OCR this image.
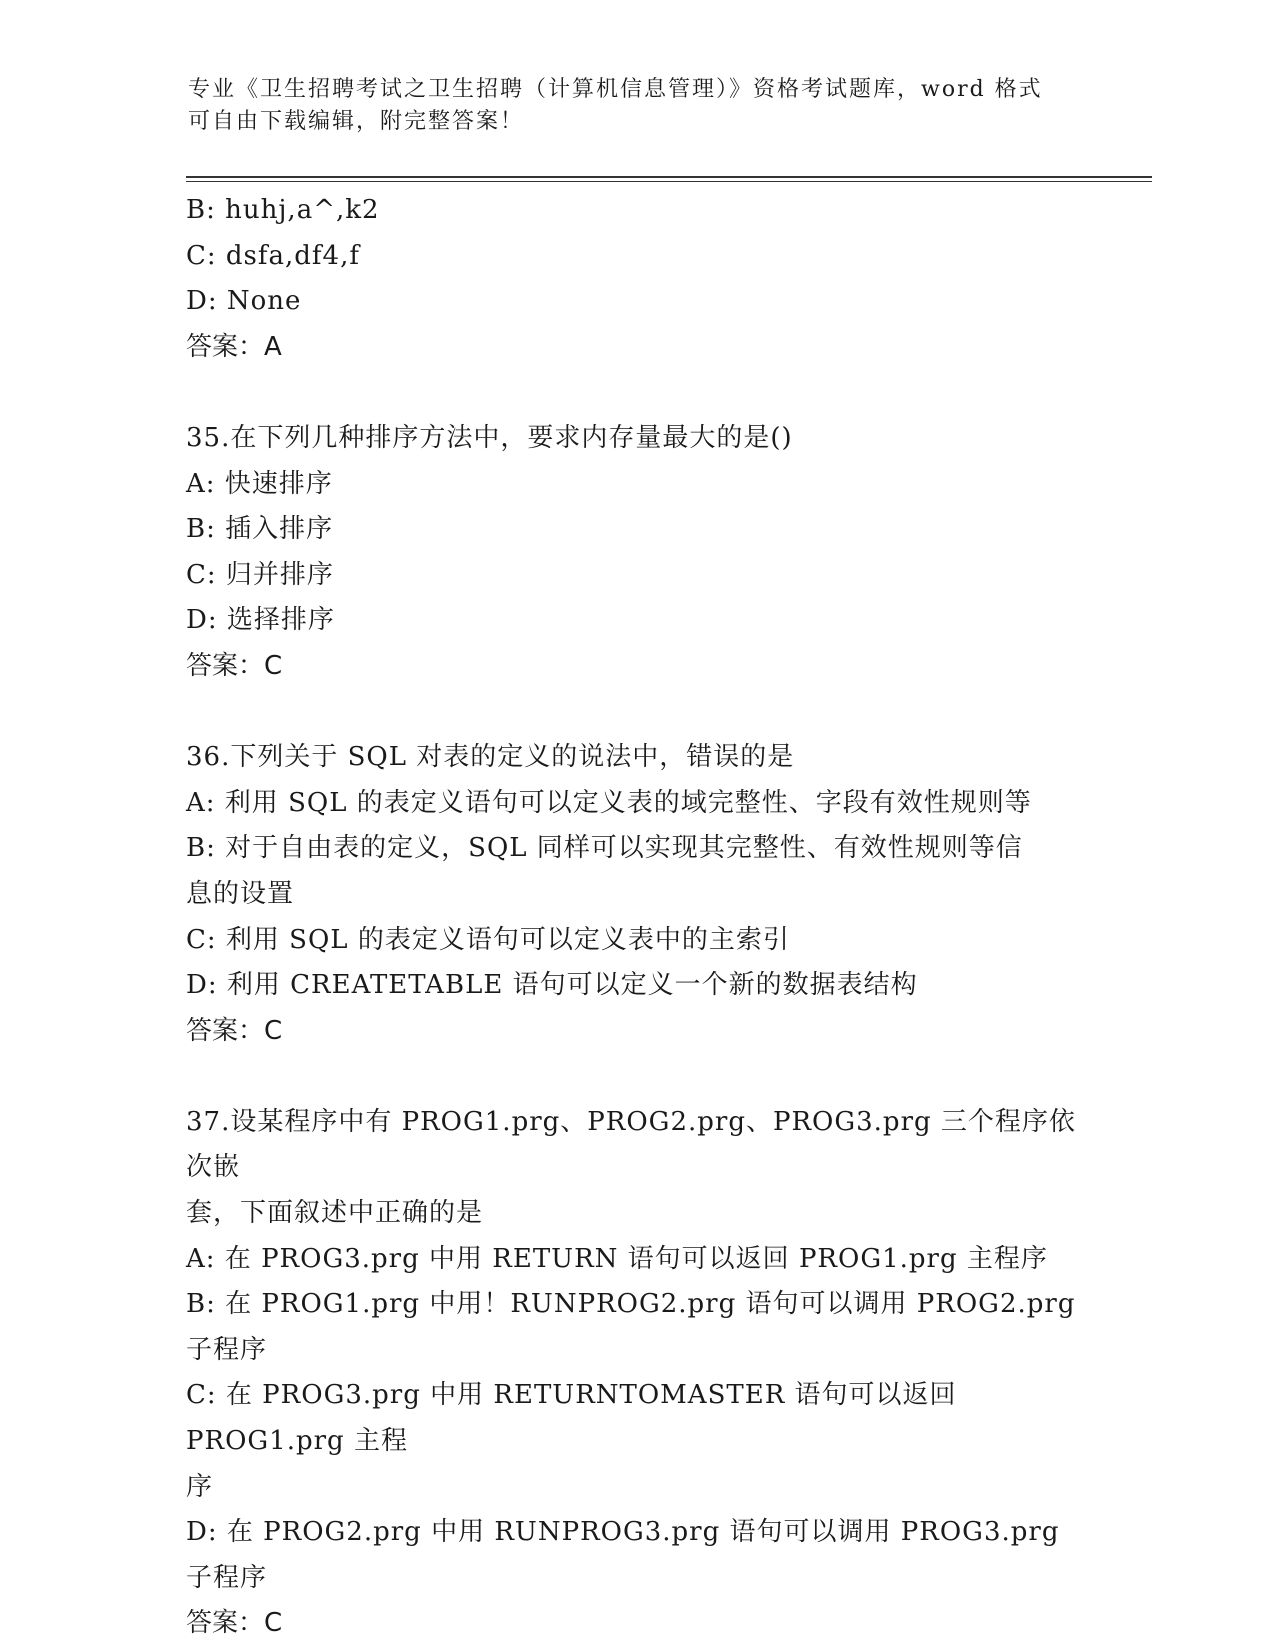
专业《卫生招聘考试之卫生招聘（计算机信息管理）》资格考试题库，word 格式
可自由下载编辑，附完整答案！
B: huhj,a^,k2
C: dsfa,df4,f
D: None
答案：A
35.在下列几种排序方法中，要求内存量最大的是()
A: 快速排序
B: 插入排序
C: 归并排序
D: 选择排序
答案：C
36.下列关于 SQL 对表的定义的说法中，错误的是
A: 利用 SQL 的表定义语句可以定义表的域完整性、字段有效性规则等
B: 对于自由表的定义，SQL 同样可以实现其完整性、有效性规则等信
息的设置
C: 利用 SQL 的表定义语句可以定义表中的主索引
D: 利用 CREATETABLE 语句可以定义一个新的数据表结构
答案：C
37.设某程序中有 PROG1.prg、PROG2.prg、PROG3.prg 三个程序依次嵌
套，下面叙述中正确的是
A: 在 PROG3.prg 中用 RETURN 语句可以返回 PROG1.prg 主程序
B: 在 PROG1.prg 中用！RUNPROG2.prg 语句可以调用 PROG2.prg 子程序
C: 在 PROG3.prg 中用 RETURNTOMASTER 语句可以返回 PROG1.prg 主程
序
D: 在 PROG2.prg 中用 RUNPROG3.prg 语句可以调用 PROG3.prg 子程序
答案：C
